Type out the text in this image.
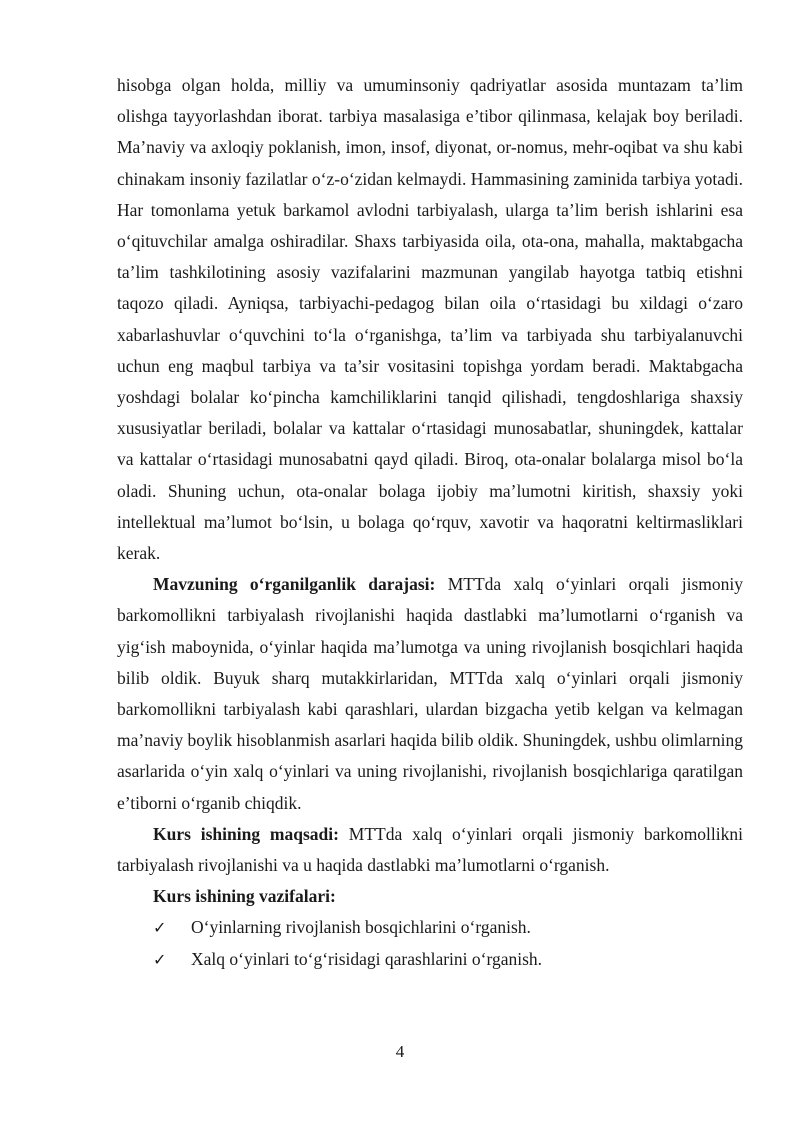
hisobga olgan holda, milliy va umuminsoniy qadriyatlar asosida muntazam ta’lim olishga tayyorlashdan iborat. tarbiya masalasiga e’tibor qilinmasa, kelajak boy beriladi. Ma’naviy va axloqiy poklanish, imon, insof, diyonat, or-nomus, mehr-oqibat va shu kabi chinakam insoniy fazilatlar o‘z-o‘zidan kelmaydi. Hammasining zaminida tarbiya yotadi. Har tomonlama yetuk barkamol avlodni tarbiyalash, ularga ta’lim berish ishlarini esa o‘qituvchilar amalga oshiradilar. Shaxs tarbiyasida oila, ota-ona, mahalla, maktabgacha ta’lim tashkilotining asosiy vazifalarini mazmunan yangilab hayotga tatbiq etishni taqozo qiladi. Ayniqsa, tarbiyachi-pedagog bilan oila o‘rtasidagi bu xildagi o‘zaro xabarlashuvlar o‘quvchini to‘la o‘rganishga, ta’lim va tarbiyada shu tarbiyalanuvchi uchun eng maqbul tarbiya va ta’sir vositasini topishga yordam beradi. Maktabgacha yoshdagi bolalar ko‘pincha kamchiliklarini tanqid qilishadi, tengdoshlariga shaxsiy xususiyatlar beriladi, bolalar va kattalar o‘rtasidagi munosabatlar, shuningdek, kattalar va kattalar o‘rtasidagi munosabatni qayd qiladi. Biroq, ota-onalar bolalarga misol bo‘la oladi. Shuning uchun, ota-onalar bolaga ijobiy ma’lumotni kiritish, shaxsiy yoki intellektual ma’lumot bo‘lsin, u bolaga qo‘rquv, xavotir va haqoratni keltirmasliklari kerak.

Mavzuning o‘rganilganlik darajasi: MTTda xalq o‘yinlari orqali jismoniy barkomollikni tarbiyalash rivojlanishi haqida dastlabki ma’lumotlarni o‘rganish va yig‘ish maboynida, o‘yinlar haqida ma’lumotga va uning rivojlanish bosqichlari haqida bilib oldik. Buyuk sharq mutakkirlaridan, MTTda xalq o‘yinlari orqali jismoniy barkomollikni tarbiyalash kabi qarashlari, ulardan bizgacha yetib kelgan va kelmagan ma’naviy boylik hisoblanmish asarlari haqida bilib oldik. Shuningdek, ushbu olimlarning asarlarida o‘yin xalq o‘yinlari va uning rivojlanishi, rivojlanish bosqichlariga qaratilgan e’tiborni o‘rganib chiqdik.

Kurs ishining maqsadi: MTTda xalq o‘yinlari orqali jismoniy barkomollikni tarbiyalash rivojlanishi va u haqida dastlabki ma’lumotlarni o‘rganish.

Kurs ishining vazifalari:

✓	O‘yinlarning rivojlanish bosqichlarini o‘rganish.
✓	Xalq o‘yinlari to‘g‘risidagi qarashlarini o‘rganish.
4
